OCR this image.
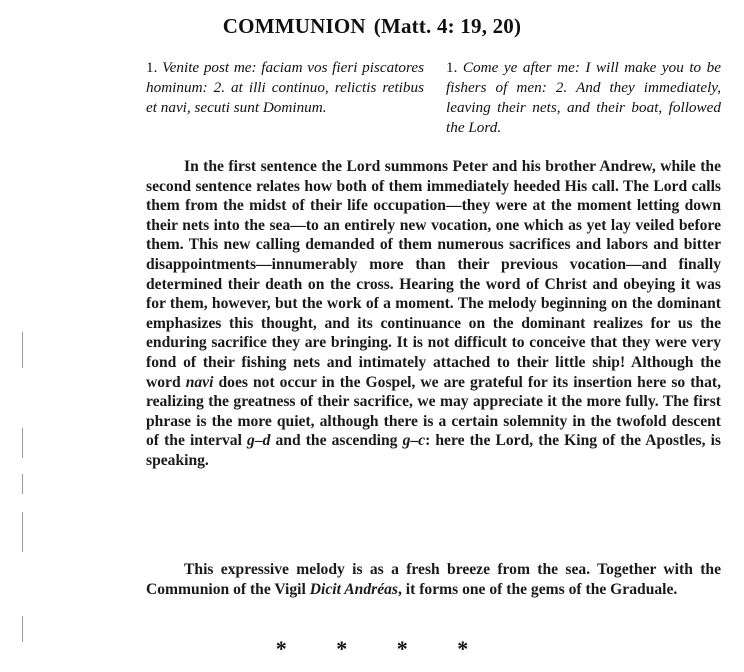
COMMUNION (Matt. 4: 19, 20)
1. Venite post me: faciam vos fieri piscatores hominum: 2. at illi continuo, relictis retibus et navi, secuti sunt Dominum.
1. Come ye after me: I will make you to be fishers of men: 2. And they immediately, leaving their nets, and their boat, followed the Lord.
In the first sentence the Lord summons Peter and his brother Andrew, while the second sentence relates how both of them immediately heeded His call. The Lord calls them from the midst of their life occupation—they were at the moment letting down their nets into the sea—to an entirely new vocation, one which as yet lay veiled before them. This new calling demanded of them numerous sacrifices and labors and bitter disappointments—innumerably more than their previous vocation—and finally determined their death on the cross. Hearing the word of Christ and obeying it was for them, however, but the work of a moment. The melody beginning on the dominant emphasizes this thought, and its continuance on the dominant realizes for us the enduring sacrifice they are bringing. It is not difficult to conceive that they were very fond of their fishing nets and intimately attached to their little ship! Although the word navi does not occur in the Gospel, we are grateful for its insertion here so that, realizing the greatness of their sacrifice, we may appreciate it the more fully. The first phrase is the more quiet, although there is a certain solemnity in the twofold descent of the interval g–d and the ascending g–c: here the Lord, the King of the Apostles, is speaking.
This expressive melody is as a fresh breeze from the sea. Together with the Communion of the Vigil Dicit Andréas, it forms one of the gems of the Graduale.
* * * *
